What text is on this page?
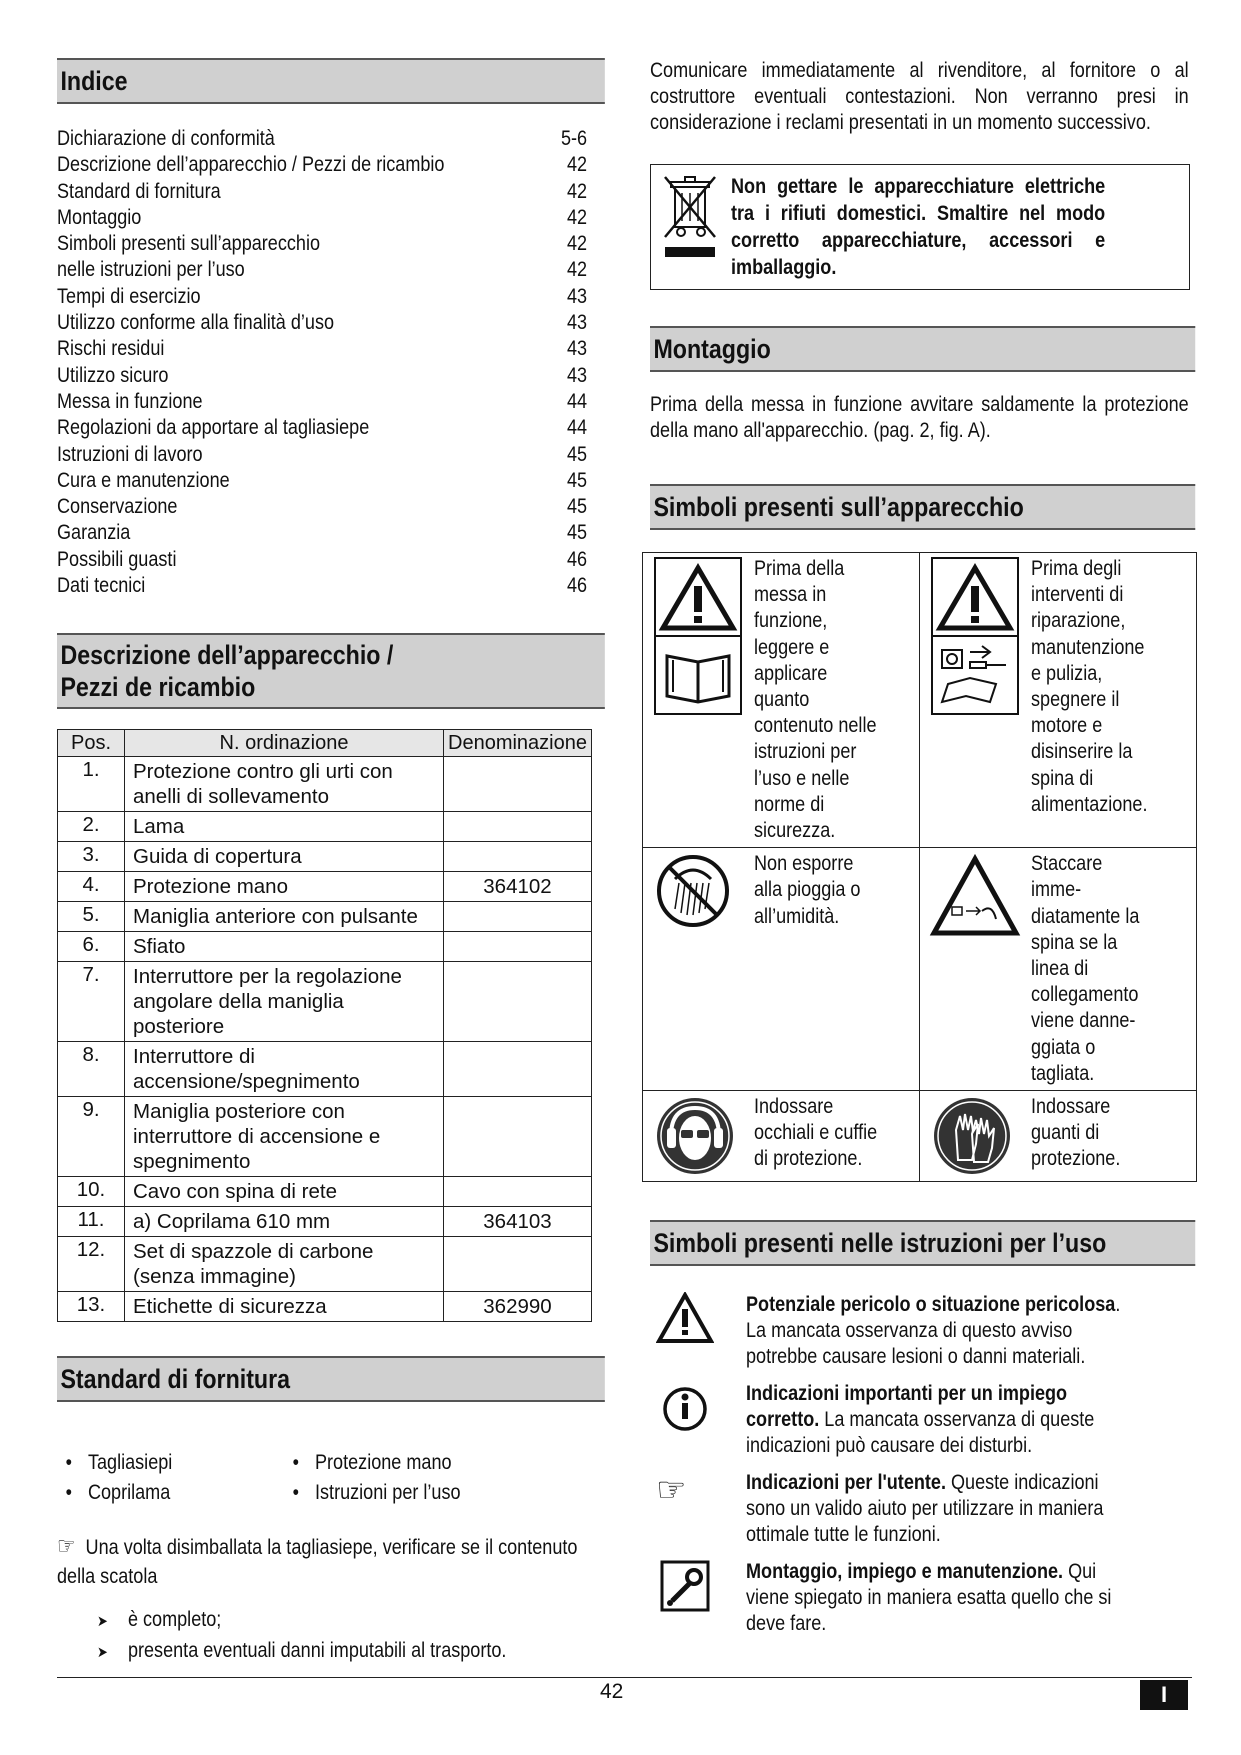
Indice
Dichiarazione di conformità	5-6
Descrizione dell’apparecchio / Pezzi de ricambio	42
Standard di fornitura	42
Montaggio	42
Simboli presenti sull’apparecchio	42
nelle istruzioni per l’uso	42
Tempi di esercizio	43
Utilizzo conforme alla finalità d’uso	43
Rischi residui	43
Utilizzo sicuro	43
Messa in funzione	44
Regolazioni da apportare al tagliasiepe	44
Istruzioni di lavoro	45
Cura e manutenzione	45
Conservazione	45
Garanzia	45
Possibili guasti	46
Dati tecnici	46
Descrizione dell’apparecchio /
Pezzi de ricambio
Pos.	N. ordinazione	Denominazione
1.	Protezione contro gli urti con anelli di sollevamento	
2.	Lama	
3.	Guida di copertura	
4.	Protezione mano	364102
5.	Maniglia anteriore con pulsante	
6.	Sfiato	
7.	Interruttore per la regolazione angolare della maniglia posteriore	
8.	Interruttore di accensione/spegnimento	
9.	Maniglia posteriore con interruttore di accensione e spegnimento	
10.	Cavo con spina di rete	
11.	a) Coprilama 610 mm	364103
12.	Set di spazzole di carbone (senza immagine)	
13.	Etichette di sicurezza	362990
Standard di fornitura
• Tagliasiepi
• Coprilama
• Protezione mano
• Istruzioni per l’uso
☞ Una volta disimballata la tagliasiepe, verificare se il contenuto della scatola
➤ è completo;
➤ presenta eventuali danni imputabili al trasporto.
Comunicare immediatamente al rivenditore, al fornitore o al costruttore eventuali contestazioni. Non verranno presi in considerazione i reclami presentati in un momento successivo.
Non gettare le apparecchiature elettriche tra i rifiuti domestici. Smaltire nel modo corretto apparecchiature, accessori e imballaggio.
Montaggio
Prima della messa in funzione avvitare saldamente la protezione della mano all'apparecchio. (pag. 2, fig. A).
Simboli presenti sull’apparecchio
Prima della messa in funzione, leggere e applicare quanto contenuto nelle istruzioni per l’uso e nelle norme di sicurezza.	Prima degli interventi di riparazione, manutenzione e pulizia, spegnere il motore e disinserire la spina di alimentazione.

Non esporre alla pioggia o all’umidità.	Staccare imme-diatamente la spina se la linea di collegamento viene danne-ggiata o tagliata.

Indossare occhiali e cuffie di protezione.	Indossare guanti di protezione.
Simboli presenti nelle istruzioni per l’uso
Potenziale pericolo o situazione pericolosa. La mancata osservanza di questo avviso potrebbe causare lesioni o danni materiali.
Indicazioni importanti per un impiego corretto. La mancata osservanza di queste indicazioni può causare dei disturbi.
☞	Indicazioni per l'utente. Queste indicazioni sono un valido aiuto per utilizzare in maniera ottimale tutte le funzioni.
Montaggio, impiego e manutenzione. Qui viene spiegato in maniera esatta quello che si deve fare.
42	I
